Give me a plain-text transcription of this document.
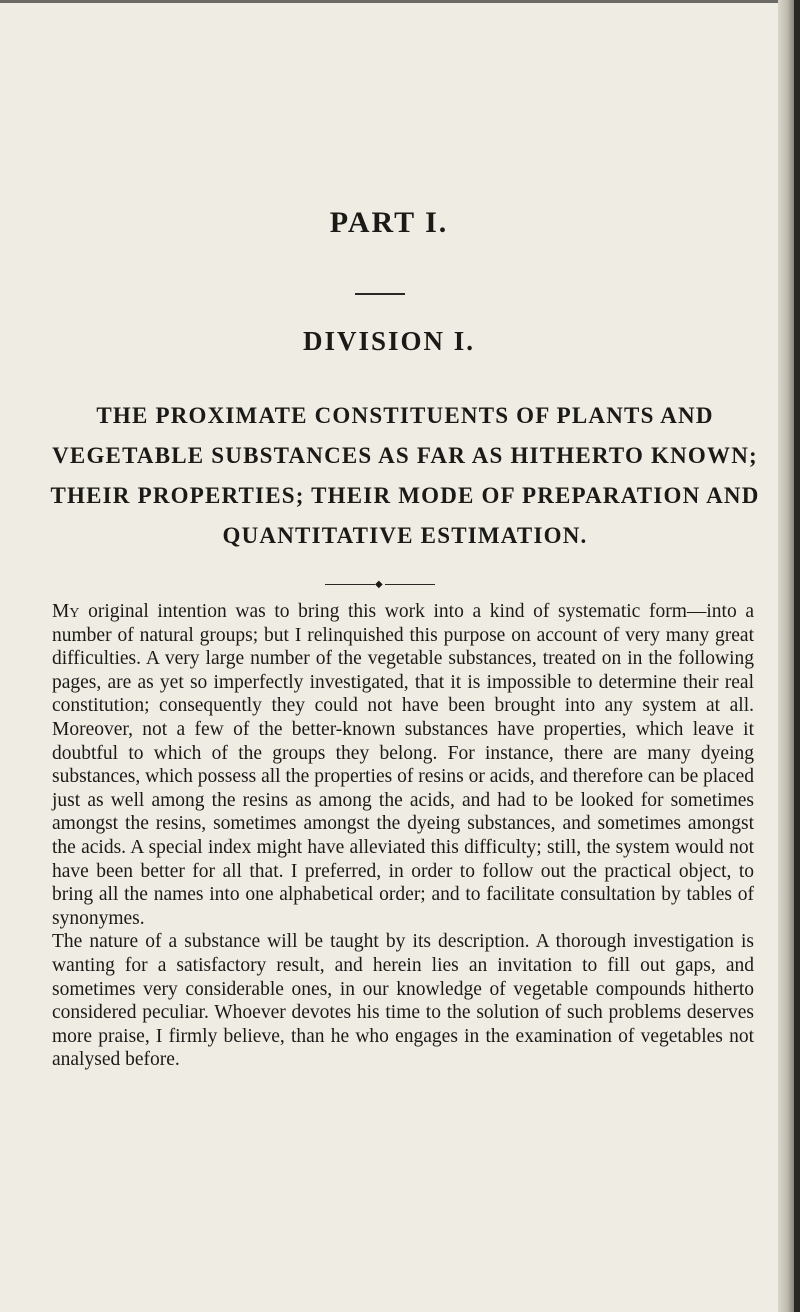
PART I.
DIVISION I.
THE PROXIMATE CONSTITUENTS OF PLANTS AND VEGETABLE SUBSTANCES AS FAR AS HITHERTO KNOWN; THEIR PROPERTIES; THEIR MODE OF PREPARATION AND QUANTITATIVE ESTIMATION.
◆

My original intention was to bring this work into a kind of systematic form—into a number of natural groups; but I relinquished this purpose on account of very many great difficulties. A very large number of the vegetable substances, treated on in the following pages, are as yet so imperfectly investigated, that it is impossible to determine their real constitution; consequently they could not have been brought into any system at all. Moreover, not a few of the better-known substances have properties, which leave it doubtful to which of the groups they belong. For instance, there are many dyeing substances, which possess all the properties of resins or acids, and therefore can be placed just as well among the resins as among the acids, and had to be looked for sometimes amongst the resins, sometimes amongst the dyeing substances, and sometimes amongst the acids. A special index might have alleviated this difficulty; still, the system would not have been better for all that. I preferred, in order to follow out the practical object, to bring all the names into one alphabetical order; and to facilitate consultation by tables of synonymes.

The nature of a substance will be taught by its description. A thorough investigation is wanting for a satisfactory result, and herein lies an invitation to fill out gaps, and sometimes very considerable ones, in our knowledge of vegetable compounds hitherto considered peculiar. Whoever devotes his time to the solution of such problems deserves more praise, I firmly believe, than he who engages in the examination of vegetables not analysed before.
